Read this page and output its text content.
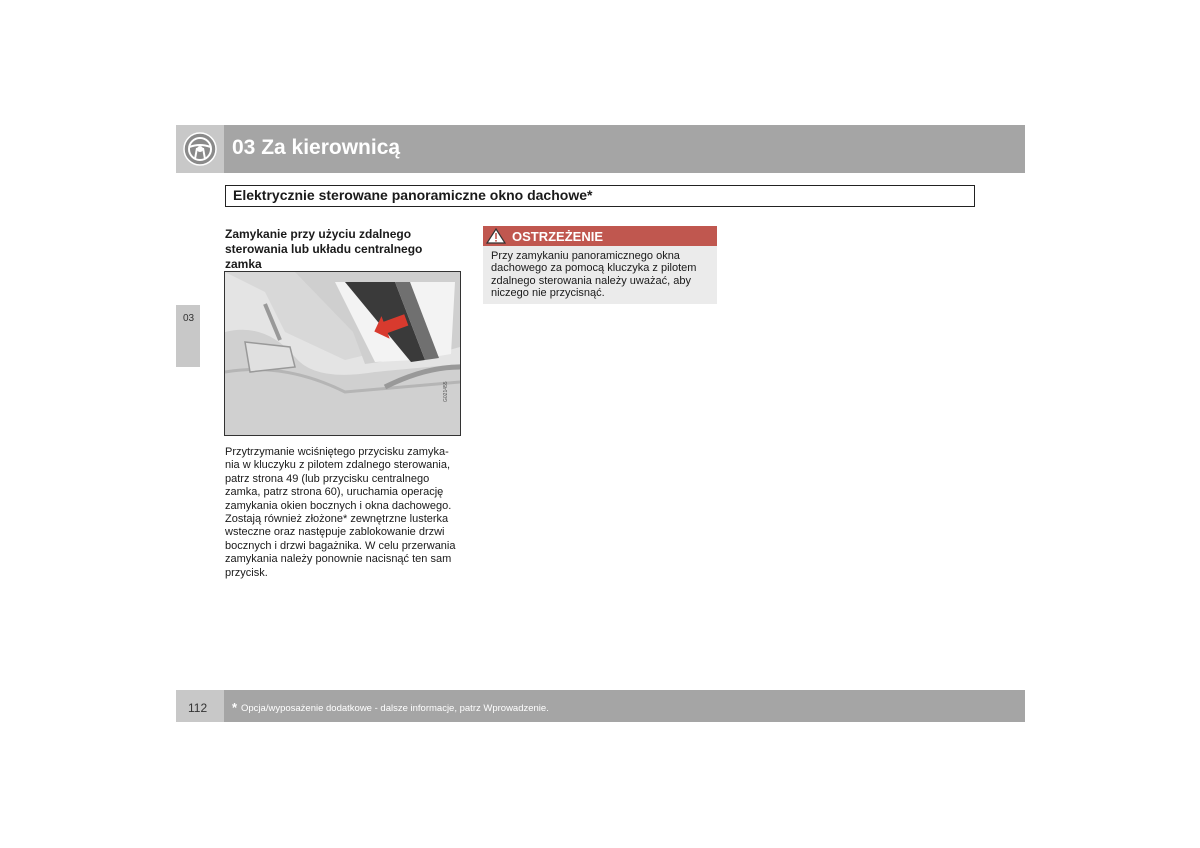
03 Za kierownicą
Elektrycznie sterowane panoramiczne okno dachowe*
03
Zamykanie przy użyciu zdalnego sterowania lub układu centralnego zamka
G021455

Przytrzymanie wciśniętego przycisku zamyka-nia w kluczyku z pilotem zdalnego sterowania, patrz strona 49 (lub przycisku centralnego zamka, patrz strona 60), uruchamia operację zamykania okien bocznych i okna dachowego. Zostają również złożone* zewnętrzne lusterka wsteczne oraz następuje zablokowanie drzwi bocznych i drzwi bagażnika. W celu przerwania zamykania należy ponownie nacisnąć ten sam przycisk.

OSTRZEŻENIE

Przy zamykaniu panoramicznego okna dachowego za pomocą kluczyka z pilotem zdalnego sterowania należy uważać, aby niczego nie przycisnąć.

112 * Opcja/wyposażenie dodatkowe - dalsze informacje, patrz Wprowadzenie.
